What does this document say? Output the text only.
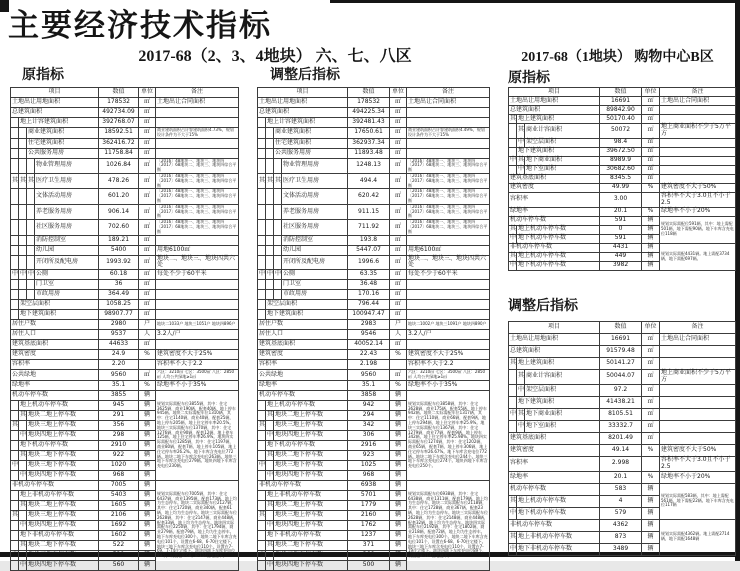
主要经济技术指标
2017-68（2、3、4地块） 六、七、八区	2017-68（1地块） 购物中心B区
原指标	调整后指标	原指标
调整后指标
项目				数值	单位	备注
土地出让用地面积				178532	㎡	土地出让合同面积
总建筑面积				492734.09	㎡	
	地上计容建筑面积			392768.07	㎡	
		商业建筑面积		18592.51	㎡	商业建筑面积占计容建筑面积4.73%，规划设计条件为不大于15%
		住宅建筑面积		362416.72	㎡	
		公共服务用房		11758.84	㎡	
			物业管理用房	1026.84	㎡	〔2016〕48地块一、地块三、地块四〔2017〕68地块二、地块三、地块四综合平衡
其	其	其	医疗卫生用房	478.26	㎡	〔2016〕48地块一、地块三、地块四〔2017〕68地块二、地块三、地块四综合平衡
			文体活动用房	601.20	㎡	〔2016〕48地块一、地块三、地块四〔2017〕68地块二、地块三、地块四综合平衡
			养老服务用房	906.14	㎡	〔2016〕48地块一、地块三、地块四〔2017〕68地块二、地块三、地块四综合平衡
			社区服务用房	702.60	㎡	〔2016〕48地块一、地块三、地块四〔2017〕68地块二、地块三、地块四综合平衡
			消防控制室	189.21	㎡	
			幼儿园	5400	㎡	用地6100㎡
			开闭所及配电房	1993.92	㎡	地块二、地块三、地块四共六处
中	中	中	公厕	60.18	㎡	每处不少于60平米
			门卫室	36	㎡	
			市政用房	364.49	㎡	
	架空层面积			1058.25	㎡	
	地下建筑面积			98907.77	㎡	
居住户数				2980	户	地块二1033户 地块三1051户 地块四896户
居住人口				9537	人	3.2人/户
建筑基底面积				44633	㎡	
建筑密度				24.9	%	建筑密度不大于25%
容积率				2.20		容积率不大于2.2
公共绿地				9560	㎡	六区：3210㎡ 七区：3500㎡ 八区：2850㎡ 人均公共绿地≥1㎡
绿地率				35.1	%	绿地率不小于35%
机动车停车数				3855	辆	规划实际需配车位3855辆，其中：住宅3625辆，商业190辆，配套40辆，地上停车945辆。地块二实际需配车位1310辆，其中：住宅1140辆，商业40辆，配套25辆，地上停车205辆，地上住宅停车率20.5%。地块三实际需配车位1370辆，其中：住宅1276辆，商业90辆，配套12辆，地上停车125辆，地上住宅停车率26.9%。地块四实际需配车位1285辆，其中：住宅1197辆，商业80辆，配套7辆，地上停车105辆，地上住宅停车率26.2%。地下车库含充电位772辆。地块二地下车库含充电位263辆。地块三地下车库含充电位279辆。地块四地下车库含充电位230辆。
	地上机动车停车数			945	辆	
	其	地块二地上停车数		291	辆	
其		地块三地上停车数		356	辆	
	中	地块四地上停车数		298	辆	
	地下机动车停车数			2910	辆	
	其	地块二地下停车数		922	辆	
中		地块三地下停车数		1020	辆	
	中	地块四地下停车数		968	辆	
非机动车停车数				7005	辆	规划实际需配车位7005辆，其中：住宅6437辆，商业1395辆，配套173辆，地上均为生态停车。地块二实际需配车位2127辆，其中：住宅1720辆，商业340辆，配套61辆，地上均为生态停车。地块三实际需配车位2628辆，其中：住宅2147辆，商业448辆，配套33辆，地上均为生态停车。地块四实际需配车位2250辆，其中：住宅1794辆，商业279辆，配套79辆，地上均为生态停车。地下车库充电位300个。地块二地下车库含充电位101个，设置在6-68、6-70住宅楼下。地块三地下车库含充电位110个，设置在7-69、7-74住宅楼下。地块四地下车库充电位89个，设置在8-68、8-114住宅楼下。
	地上非机动车停车数			5403	辆	
	其	地块二地上停车数		1605	辆	
其		地块三地上停车数		2106	辆	
	中	地块四地上停车数		1692	辆	
	地下非机动车停车数			1602	辆	
	其	地块二地下停车数		522	辆	
中		地块三地下停车数		520	辆	
	中	地块四地下停车数		560	辆	
项目				数值	单位	备注
土地出让用地面积				178532	㎡	土地出让合同面积
总建筑面积				494225.34	㎡	
	地上计容建筑面积			392481.43	㎡	
		商业建筑面积		17650.61	㎡	商业建筑面积占计容建筑面积4.49%，规划设计条件为不大于15%
		住宅建筑面积		362937.34	㎡	
		公共服务用房		11893.48	㎡	
			物业管理用房	1248.13	㎡	〔2016〕48地块一、地块三、地块四〔2017〕68地块二、地块三、地块四综合平衡
其	其	其	医疗卫生用房	494.4	㎡	〔2016〕48地块一、地块三、地块四〔2017〕68地块二、地块三、地块四综合平衡
			文体活动用房	620.42	㎡	〔2016〕48地块一、地块三、地块四〔2017〕68地块二、地块三、地块四综合平衡
			养老服务用房	911.15	㎡	〔2016〕48地块一、地块三、地块四〔2017〕68地块二、地块三、地块四综合平衡
			社区服务用房	711.92	㎡	〔2016〕48地块一、地块三、地块四〔2017〕68地块二、地块三、地块四综合平衡
			消防控制室	193.8	㎡	
			幼儿园	5447.07	㎡	用地6100㎡
			开闭所及配电房	1996.6	㎡	地块二、地块三、地块四共六处
中	中	中	公厕	63.35	㎡	每处不少于60平米
			门卫室	36.48	㎡	
			市政用房	170.16	㎡	
	架空层面积			796.44	㎡	
	地下建筑面积			100947.47	㎡	
居住户数				2983	户	地块二1002户 地块三1091户 地块四890户
居住人口				9546	人	3.2人/户
建筑基底面积				40052.14	㎡	
建筑密度				22.43	%	建筑密度不大于25%
容积率				2.198		容积率不大于2.2
公共绿地				9560	㎡	六区：3210㎡ 七区：3500㎡ 八区：2850㎡ 人均公共绿地≥1㎡
绿地率				35.1	%	绿地率不小于35%
机动车停车数				3858	辆	规划实际需配车位3858辆，其中：住宅3628辆，商业175辆，配套55辆，地上停车942辆。地块二实际需配车位1317辆，其中：住宅1110辆，商业66辆，配套9辆，地上停车294辆，地上住宅停车率25.9%。地块三实际需配车位1367辆，其中：住宅1279辆，商业77辆，配套9辆，地上停车342辆，地上住宅停车率25.98%。地块四实际需配车位1274辆，其中：住宅1202辆，商业65辆，配套7辆，地上停车306辆，地上住宅停车率26.67%。地下车库含充电位772辆。地块二地下车库含充电位244个。地块三地下车库含充电位274个。地块四地下车库含充电位250个。
	地上机动车停车数			942	辆	
	其	地块二地上停车数		294	辆	
其		地块三地上停车数		342	辆	
	中	地块四地上停车数		306	辆	
	地下机动车停车数			2916	辆	
	其	地块二地下停车数		923	辆	
中		地块三地下停车数		1025	辆	
	中	地块四地下停车数		968	辆	
非机动车停车数				6938	辆	规划实际需配车位6938辆，其中：住宅6438辆，商业1311辆，配套179辆，地上均为生态停车。地块二实际需配车位2118辆，其中：住宅1728辆，商业367辆，配套23辆，地上均为生态停车。地块三实际需配车位2628辆，其中：住宅2148辆，商业448辆，配套32辆，地上均为生态停车。地块四实际需配车位2192辆，其中：住宅1802辆，商业218辆，配套72辆，地上均为生态停车。地下车库充电位300个。地块二地下车库含充电位101个，设置在6-68、6-70住宅楼下。地块三地下车库含充电位110个，设置在7-19住宅楼下。地块四地下车库充电位89个，设置在8-114住宅楼下。
	地上非机动车停车数			5701	辆	
	其	地块二地上停车数		1779	辆	
其		地块三地上停车数		2160	辆	
	中	地块四地上停车数		1762	辆	
	地下非机动车停车数			1237	辆	
	其	地块二地下停车数		371	辆	
中		地块三地下停车数		366	辆	
	中	地块四地下停车数		500	辆	
项目			数值	单位	备注
土地出让用地面积			16691	㎡	土地出让合同面积
总建筑面积			89842.90	㎡	
其	地上建筑面积		50170.40	㎡	
	其	商业计容面积	50072	㎡	地上商业面积不少于5万平方
	中	架空层面积	98.4	㎡	
	地下建筑面积		39672.50	㎡	
中	其	地下商业面积	8989.9	㎡	
	中	地下室面积	30682.60	㎡	
建筑基底面积			8345.5	㎡	
建筑密度			49.99	%	建筑密度不大于50%
容积率			3.00		容积率不大于3.0且不小于2.5
绿地率			20.1	%	绿地率不小于20%
机动车停车数			591	辆	规划实际需配位591辆，其中：地上需配501辆，地下需配90辆。地下车库含充电位118辆
其	地上机动车停车数		0	辆	
中	地下机动车停车数		591	辆	
非机动车停车数			4431	辆	规划实际需配4431辆。地上需配3734辆，地下需配697辆。
其	地上机动车停车数		449	辆	
中	地下机动车停车数		3982	辆	
项目			数值	单位	备注
土地出让用地面积			16691	㎡	土地出让合同面积
总建筑面积			91579.48	㎡	
其	地上建筑面积		50141.27	㎡	
	其	商业计容面积	50044.07	㎡	地上商业面积不少于5万平方
	中	架空层面积	97.2	㎡	
	地下建筑面积		41438.21	㎡	
中	其	地下商业面积	8105.51	㎡	
	中	地下室面积	33332.7	㎡	
建筑基底面积			8201.49	㎡	
建筑密度			49.14	%	建筑密度不大于50%
容积率			2.998		容积率不大于3.0且不小于2.5
绿地率			20.1	%	绿地率不小于20%
机动车停车数			583	辆	规划实际需配583辆，其中：地上需配561辆，地下需配22辆。地下车库含充电位117辆
其	地上机动车停车数		4	辆	
中	地下机动车停车数		579	辆	
非机动车停车数			4362	辆	规划实际需配4362辆。地上需配2714辆，地下需配1648辆
其	地上非机动车停车数		873	辆	
中	地下非机动车停车数		3489	辆	
